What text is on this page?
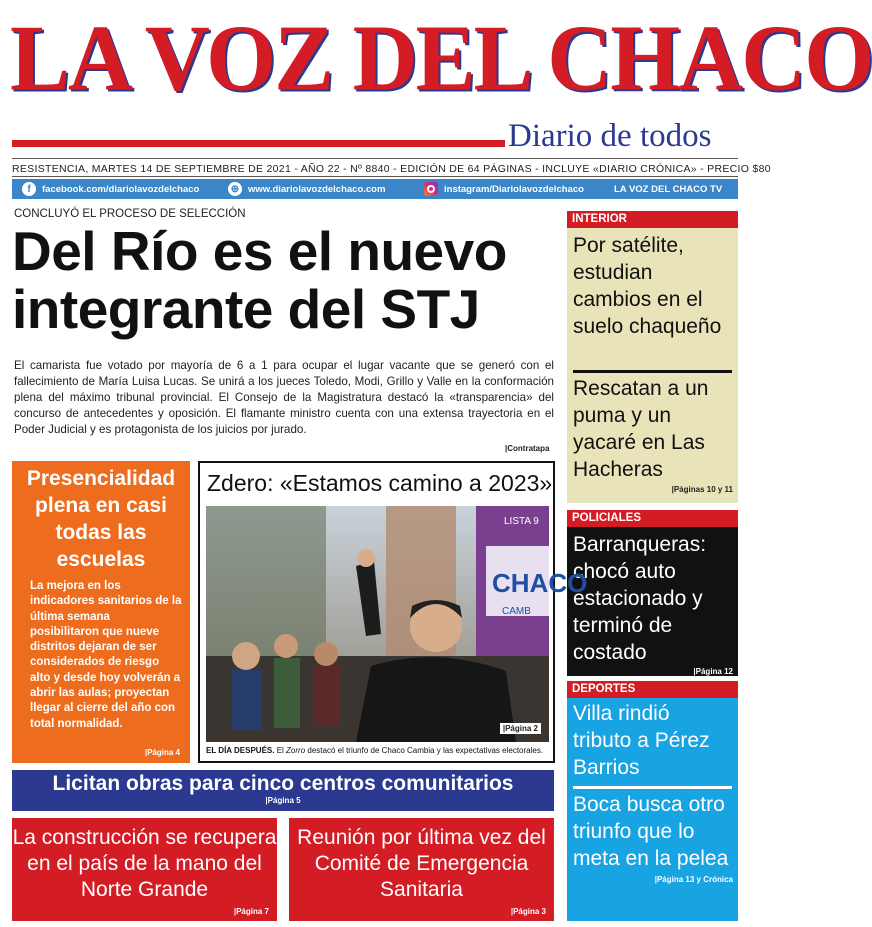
LA VOZ DEL CHACO
Diario de todos
RESISTENCIA, MARTES 14 DE SEPTIEMBRE DE 2021 - AÑO 22 - Nº 8840 - EDICIÓN DE 64 PÁGINAS - INCLUYE «DIARIO CRÓNICA» - PRECIO $80
f	facebook.com/diariolavozdelchaco	⊕ www.diariolavozdelchaco.com	instagram/Diariolavozdelchaco	LA VOZ DEL CHACO TV
CONCLUYÓ EL PROCESO DE SELECCIÓN
Del Río es el nuevo
integrante del STJ
El camarista fue votado por mayoría de 6 a 1 para ocupar el lugar vacante que se generó con el fallecimiento de María Luisa Lucas. Se unirá a los jueces Toledo, Modi, Grillo y Valle en la conformación plena del máximo tribunal provincial. El Consejo de la Magistratura destacó la «transparencia» del concurso de antecedentes y oposición. El flamante ministro cuenta con una extensa trayectoria en el Poder Judicial y es protagonista de los juicios por jurado.
|Contratapa
INTERIOR
Por satélite, estudian cambios en el suelo chaqueño
Rescatan a un puma y un yacaré en Las Hacheras
|Páginas 10 y 11
POLICIALES
Barranqueras: chocó auto estacionado y terminó de costado
|Página 12
DEPORTES
Villa rindió tributo a Pérez Barrios
Boca busca otro triunfo que lo meta en la pelea
|Página 13 y Crónica
Presencialidad plena en casi todas las escuelas

La mejora en los indicadores sanitarios de la última semana posibilitaron que nueve distritos dejaran de ser considerados de riesgo alto y desde hoy volverán a abrir las aulas; proyectan llegar al cierre del año con total normalidad.

|Página 4
Zdero: «Estamos camino a 2023»
CHACO
LISTA 9
CAMB
|Página 2
EL DÍA DESPUÉS. El Zorro destacó el triunfo de Chaco Cambia y las expectativas electorales.
Licitan obras para cinco centros comunitarios
|Página 5
La construcción se recupera en el país de la mano del Norte Grande
|Página 7
Reunión por última vez del Comité de Emergencia Sanitaria
|Página 3
